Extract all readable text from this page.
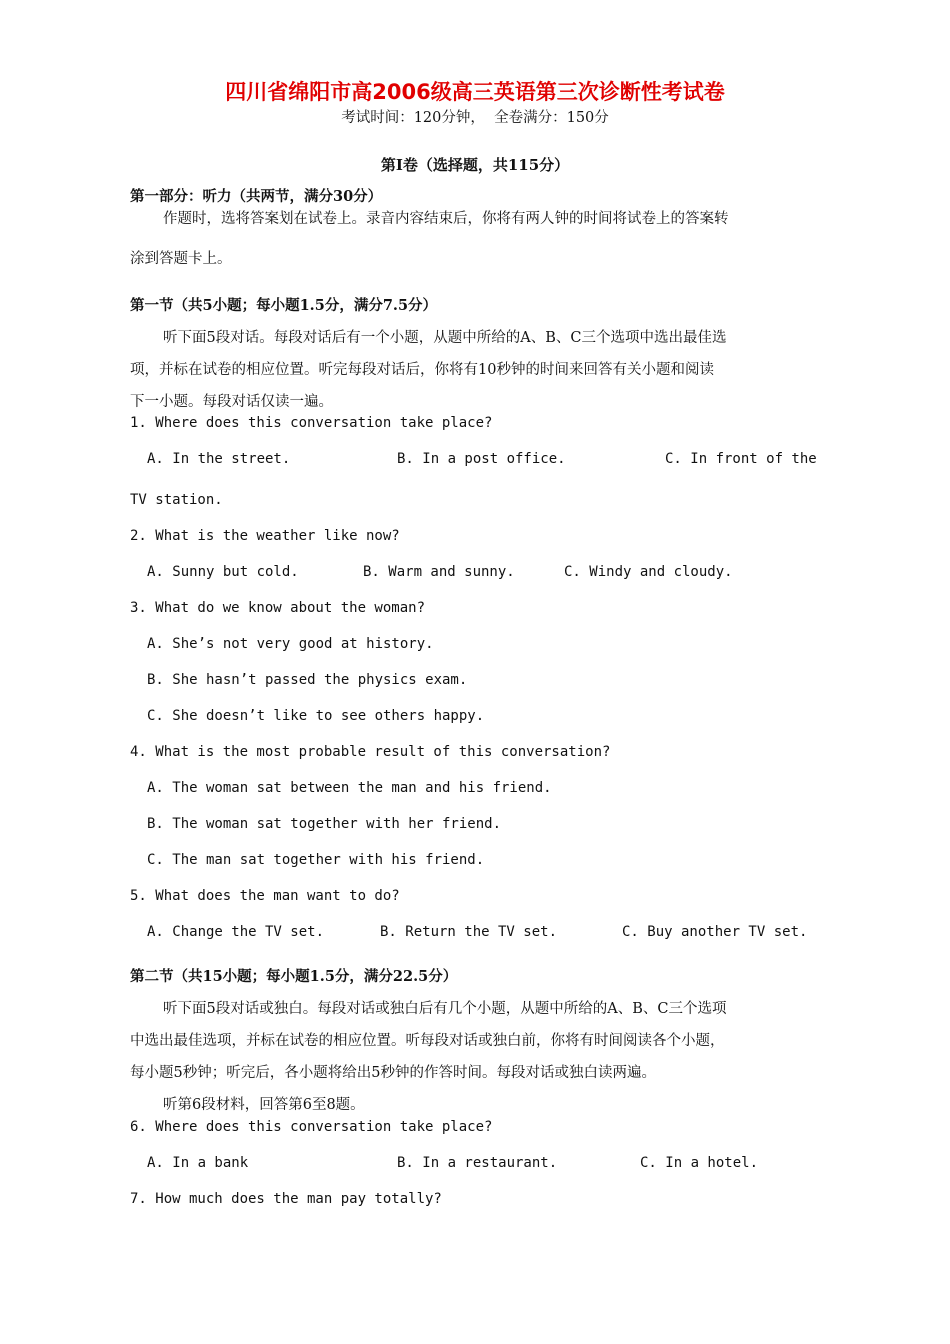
四川省绵阳市高2006级高三英语第三次诊断性考试卷
考试时间：120分钟，  全卷满分：150分
第Ⅰ卷（选择题，共115分）
第一部分：听力（共两节，满分30分）
作题时，选将答案划在试卷上。录音内容结束后，你将有两人钟的时间将试卷上的答案转
涂到答题卡上。
第一节（共5小题；每小题1.5分，满分7.5分）
听下面5段对话。每段对话后有一个小题，从题中所给的A、B、C三个选项中选出最佳选
项，并标在试卷的相应位置。听完每段对话后，你将有10秒钟的时间来回答有关小题和阅读
下一小题。每段对话仅读一遍。
1. Where does this conversation take place?
A. In the street.	B. In a post office.	C. In front of the
TV station.
2. What is the weather like now?
A. Sunny but cold.	B. Warm and sunny.	C. Windy and cloudy.
3. What do we know about the woman?
A. She’s not very good at history.
B. She hasn’t passed the physics exam.
C. She doesn’t like to see others happy.
4. What is the most probable result of this conversation?
A. The woman sat between the man and his friend.
B. The woman sat together with her friend.
C. The man sat together with his friend.
5. What does the man want to do?
A. Change the TV set.	B. Return the TV set.	C. Buy another TV set.
第二节（共15小题；每小题1.5分，满分22.5分）
听下面5段对话或独白。每段对话或独白后有几个小题，从题中所给的A、B、C三个选项
中选出最佳选项，并标在试卷的相应位置。听每段对话或独白前，你将有时间阅读各个小题，
每小题5秒钟；听完后，各小题将给出5秒钟的作答时间。每段对话或独白读两遍。
听第6段材料，回答第6至8题。
6. Where does this conversation take place?
A. In a bank	B. In a restaurant.	C. In a hotel.
7. How much does the man pay totally?
